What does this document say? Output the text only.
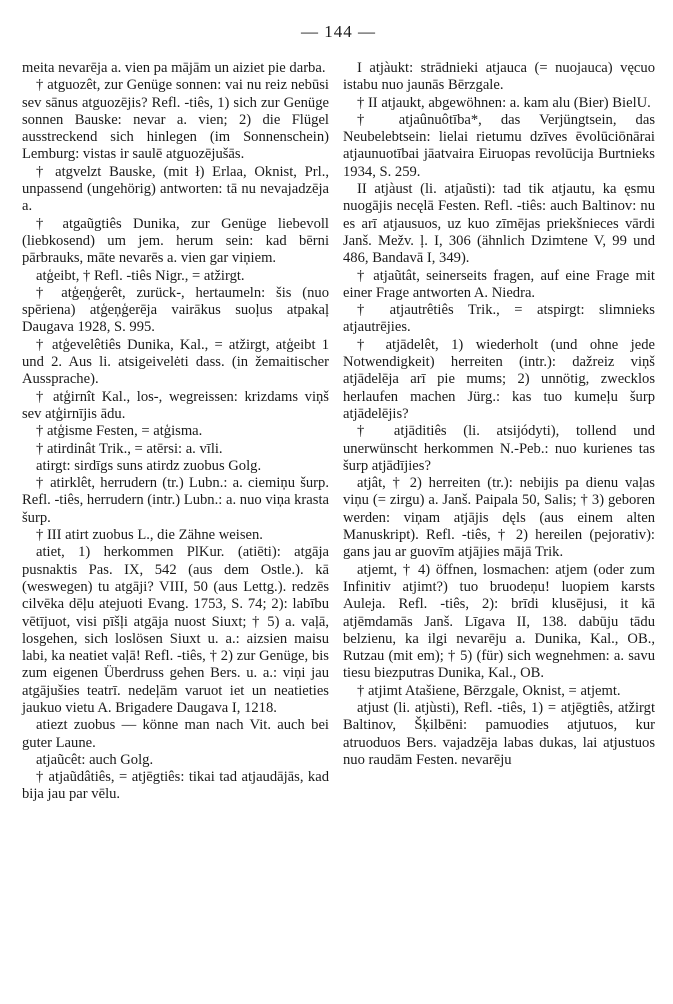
— 144 —

meita nevarēja a. vien pa mājām un aiziet pie darba.

† atguozêt, zur Genüge sonnen: vai nu reiz nebūsi sev sānus atguozējis? Refl. -tiês, 1) sich zur Genüge sonnen Bauske: nevar a. vien; 2) die Flügel ausstreckend sich hinlegen (im Sonnenschein) Lemburg: vistas ir saulē atguozējušās.

† atgvelzt Bauske, (mit ł) Erlaa, Oknist, Prl., unpassend (ungehörig) antworten: tā nu nevajadzēja a.

† atgaũgtiês Dunika, zur Genüge liebevoll (liebkosend) um jem. herum sein: kad bērni pārbrauks, māte nevarēs a. vien gar viņiem.

atģeibt, † Refl. -tiês Nigr., = atžirgt.

† atģeņģerêt, zurück-, hertaumeln: šis (nuo spēriena) atģeņģerēja vairākus suoļus atpakaļ Daugava 1928, S. 995.

† atģevelêtiês Dunika, Kal., = atžirgt, atģeibt 1 und 2. Aus li. atsigeivelėti dass. (in žemaitischer Aussprache).

† atģirnît Kal., los-, wegreissen: krizdams viņš sev atģirnījis ādu.

† atģisme Festen, = atģisma.

† atirdinât Trik., = atērsi: a. vīli.

atirgt: sirdīgs suns atirdz zuobus Golg.

† atirklêt, herrudern (tr.) Lubn.: a. ciemiņu šurp. Refl. -tiês, herrudern (intr.) Lubn.: a. nuo viņa krasta šurp.

† III atirt zuobus L., die Zähne weisen.

atiet, 1) herkommen PlKur. (atiēti): atgāja pusnaktis Pas. IX, 542 (aus dem Ostle.). kā (weswegen) tu atgāji? VIII, 50 (aus Lettg.). redzēs cilvēka dēļu atejuoti Evang. 1753, S. 74; 2): labību vētījuot, visi pīšļi atgāja nuost Siuxt; † 5) a. vaļā, losgehen, sich loslösen Siuxt u. a.: aizsien maisu labi, ka neatiet vaļā! Refl. -tiês, † 2) zur Genüge, bis zum eigenen Überdruss gehen Bers. u. a.: viņi jau atgājušies teatrī. nedeļām varuot iet un neatieties jaukuo vietu A. Brigadere Daugava I, 1218.

atiezt zuobus — könne man nach Vit. auch bei guter Laune.

atjaũcêt: auch Golg.

† atjaũdâtiês, = atjēgtiês: tikai tad atjaudājās, kad bija jau par vēlu.

I atjàukt: strādnieki atjauca (= nuojauca) vęcuo istabu nuo jaunās Bērzgale.

† II atjaukt, abgewöhnen: a. kam alu (Bier) BielU.

† atjaûnuôtība*, das Verjüngtsein, das Neubelebtsein: lielai rietumu dzīves ēvolūciōnārai atjaunuotībai jāatvaira Eiruopas revolūcija Burtnieks 1934, S. 259.

II atjàust (li. atjaũsti): tad tik atjautu, ka ęsmu nuogājis necęlā Festen. Refl. -tiês: auch Baltinov: nu es arī atjausuos, uz kuo zīmējas priekšnieces vārdi Janš. Mežv. ļ. I, 306 (ähnlich Dzimtene V, 99 und 486, Bandavā I, 349).

† atjaũtât, seinerseits fragen, auf eine Frage mit einer Frage antworten A. Niedra.

† atjautrêtiês Trik., = atspirgt: slimnieks atjautrējies.

† atjādelêt, 1) wiederholt (und ohne jede Notwendigkeit) herreiten (intr.): dažreiz viņš atjādelēja arī pie mums; 2) unnötig, zwecklos herlaufen machen Jürg.: kas tuo kumeļu šurp atjādelējis?

† atjāditiês (li. atsijódyti), tollend und unerwünscht herkommen N.-Peb.: nuo kurienes tas šurp atjādījies?

atjât, † 2) herreiten (tr.): nebijis pa dienu vaļas viņu (= zirgu) a. Janš. Paipala 50, Salis; † 3) geboren werden: viņam atjājis dęls (aus einem alten Manuskript). Refl. -tiês, † 2) hereilen (pejorativ): gans jau ar guovīm atjājies mājā Trik.

atjemt, † 4) öffnen, losmachen: atjem (oder zum Infinitiv atjimt?) tuo bruodeņu! luopiem karsts Auleja. Refl. -tiês, 2): brīdi klusējusi, it kā atjēmdamās Janš. Līgava II, 138. dabūju tādu belzienu, ka ilgi nevarēju a. Dunika, Kal., OB., Rutzau (mit em); † 5) (für) sich wegnehmen: a. savu tiesu biezputras Dunika, Kal., OB.

† atjimt Atašiene, Bērzgale, Oknist, = atjemt.

atjust (li. atjùsti), Refl. -tiês, 1) = atjēgtiês, atžirgt Baltinov, Šķilbēni: pamuodies atjutuos, kur atruoduos Bers. vajadzēja labas dukas, lai atjustuos nuo raudām Festen. nevarēju
